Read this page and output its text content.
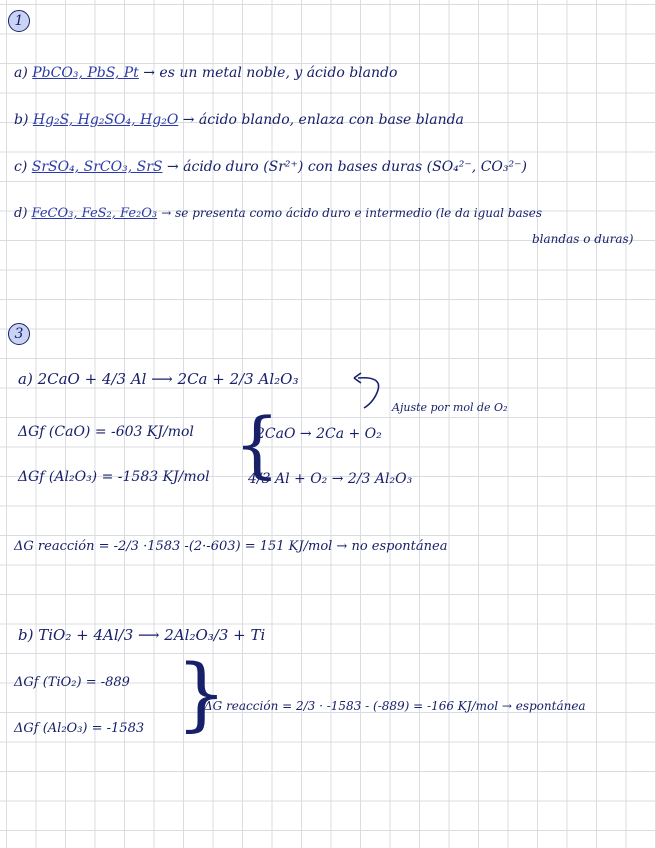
1
a) PbCO₃, PbS, Pt → es un metal noble, y ácido blando
b) Hg₂S, Hg₂SO₄, Hg₂O → ácido blando, enlaza con base blanda
c) SrSO₄, SrCO₃, SrS → ácido duro (Sr²⁺) con bases duras (SO₄²⁻, CO₃²⁻)
d) FeCO₃, FeS₂, Fe₂O₃ → se presenta como ácido duro e intermedio (le da igual bases
blandas o duras)
3
a) 2CaO + 4/3 Al ⟶ 2Ca + 2/3 Al₂O₃
Ajuste por mol de O₂
ΔGf (CaO) = -603 KJ/mol
ΔGf (Al₂O₃) = -1583 KJ/mol {
2CaO → 2Ca + O₂
4/3 Al + O₂ → 2/3 Al₂O₃
ΔG reacción = -2/3 ·1583 -(2·-603) = 151 KJ/mol → no espontánea
b) TiO₂ + 4Al/3 ⟶ 2Al₂O₃/3 + Ti
ΔGf (TiO₂) = -889
ΔGf (Al₂O₃) = -1583 }
ΔG reacción = 2/3 · -1583 - (-889) = -166 KJ/mol → espontánea
